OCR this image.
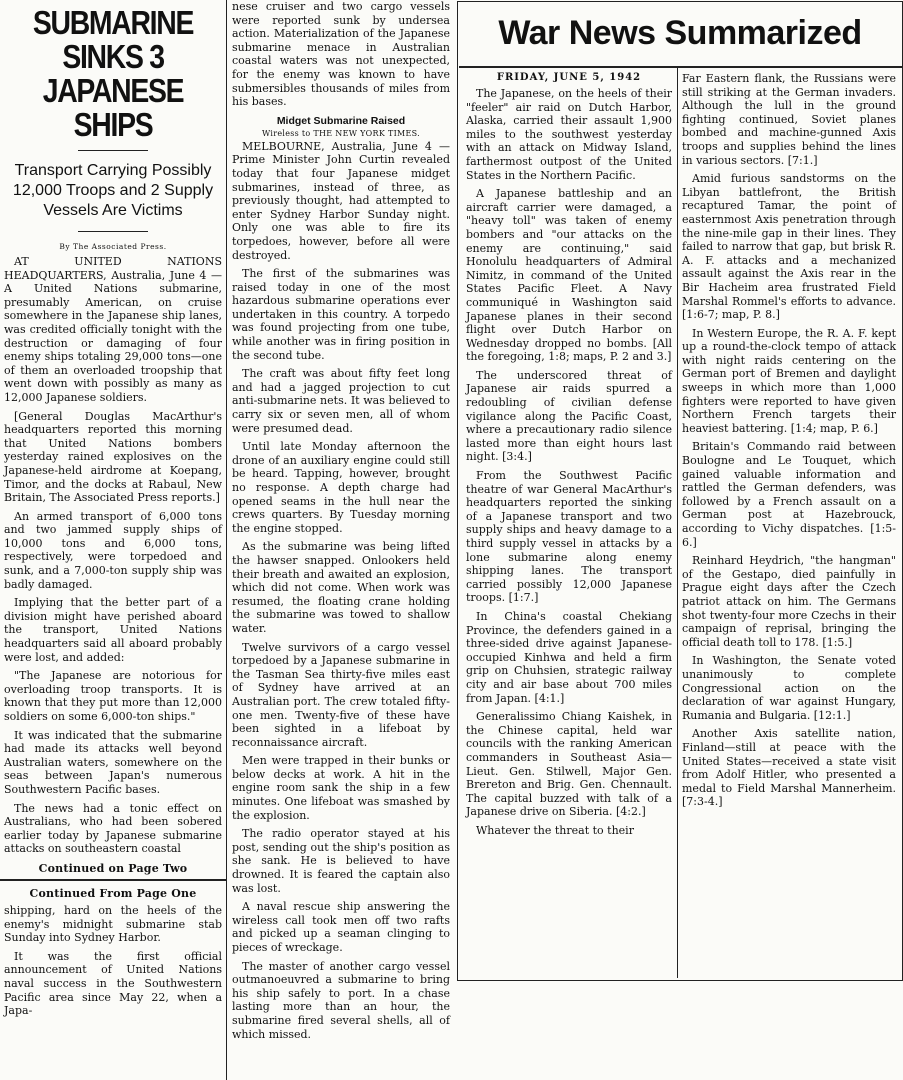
SUBMARINE SINKS 3 JAPANESE SHIPS
Transport Carrying Possibly 12,000 Troops and 2 Supply Vessels Are Victims
By The Associated Press.

AT UNITED NATIONS HEADQUARTERS, Australia, June 4 —A United Nations submarine, presumably American, on cruise somewhere in the Japanese ship lanes, was credited officially tonight with the destruction or damaging of four enemy ships totaling 29,000 tons—one of them an overloaded troopship that went down with possibly as many as 12,000 Japanese soldiers.

[General Douglas MacArthur's headquarters reported this morning that United Nations bombers yesterday rained explosives on the Japanese-held airdrome at Koepang, Timor, and the docks at Rabaul, New Britain, The Associated Press reports.]

An armed transport of 6,000 tons and two jammed supply ships of 10,000 tons and 6,000 tons, respectively, were torpedoed and sunk, and a 7,000-ton supply ship was badly damaged.

Implying that the better part of a division might have perished aboard the transport, United Nations headquarters said all aboard probably were lost, and added:

"The Japanese are notorious for overloading troop transports. It is known that they put more than 12,000 soldiers on some 6,000-ton ships."

It was indicated that the submarine had made its attacks well beyond Australian waters, somewhere on the seas between Japan's numerous Southwestern Pacific bases.

The news had a tonic effect on Australians, who had been sobered earlier today by Japanese submarine attacks on southeastern coastal

Continued on Page Two
Continued From Page One

shipping, hard on the heels of the enemy's midnight submarine stab Sunday into Sydney Harbor.

It was the first official announcement of United Nations naval success in the Southwestern Pacific area since May 22, when a Japa-

nese cruiser and two cargo vessels were reported sunk by undersea action. Materialization of the Japanese submarine menace in Australian coastal waters was not unexpected, for the enemy was known to have submersibles thousands of miles from his bases.

Midget Submarine Raised
Wireless to THE NEW YORK TIMES.

MELBOURNE, Australia, June 4 —Prime Minister John Curtin revealed today that four Japanese midget submarines, instead of three, as previously thought, had attempted to enter Sydney Harbor Sunday night. Only one was able to fire its torpedoes, however, before all were destroyed.

The first of the submarines was raised today in one of the most hazardous submarine operations ever undertaken in this country. A torpedo was found projecting from one tube, while another was in firing position in the second tube.

The craft was about fifty feet long and had a jagged projection to cut anti-submarine nets. It was believed to carry six or seven men, all of whom were presumed dead.

Until late Monday afternoon the drone of an auxiliary engine could still be heard. Tapping, however, brought no response. A depth charge had opened seams in the hull near the crews quarters. By Tuesday morning the engine stopped.

As the submarine was being lifted the hawser snapped. Onlookers held their breath and awaited an explosion, which did not come. When work was resumed, the floating crane holding the submarine was towed to shallow water.

Twelve survivors of a cargo vessel torpedoed by a Japanese submarine in the Tasman Sea thirty-five miles east of Sydney have arrived at an Australian port. The crew totaled fifty-one men. Twenty-five of these have been sighted in a lifeboat by reconnaissance aircraft.

Men were trapped in their bunks or below decks at work. A hit in the engine room sank the ship in a few minutes. One lifeboat was smashed by the explosion.

The radio operator stayed at his post, sending out the ship's position as she sank. He is believed to have drowned. It is feared the captain also was lost.

A naval rescue ship answering the wireless call took men off two rafts and picked up a seaman clinging to pieces of wreckage.

The master of another cargo vessel outmanoeuvred a submarine to bring his ship safely to port. In a chase lasting more than an hour, the submarine fired several shells, all of which missed.

War News Summarized
FRIDAY, JUNE 5, 1942

The Japanese, on the heels of their "feeler" air raid on Dutch Harbor, Alaska, carried their assault 1,900 miles to the southwest yesterday with an attack on Midway Island, farthermost outpost of the United States in the Northern Pacific.

A Japanese battleship and an aircraft carrier were damaged, a "heavy toll" was taken of enemy bombers and "our attacks on the enemy are continuing," said Honolulu headquarters of Admiral Nimitz, in command of the United States Pacific Fleet. A Navy communiqué in Washington said Japanese planes in their second flight over Dutch Harbor on Wednesday dropped no bombs. [All the foregoing, 1:8; maps, P. 2 and 3.]

The underscored threat of Japanese air raids spurred a redoubling of civilian defense vigilance along the Pacific Coast, where a precautionary radio silence lasted more than eight hours last night. [3:4.]

From the Southwest Pacific theatre of war General MacArthur's headquarters reported the sinking of a Japanese transport and two supply ships and heavy damage to a third supply vessel in attacks by a lone submarine along enemy shipping lanes. The transport carried possibly 12,000 Japanese troops. [1:7.]

In China's coastal Chekiang Province, the defenders gained in a three-sided drive against Japanese-occupied Kinhwa and held a firm grip on Chuhsien, strategic railway city and air base about 700 miles from Japan. [4:1.]

Generalissimo Chiang Kaishek, in the Chinese capital, held war councils with the ranking American commanders in Southeast Asia—Lieut. Gen. Stilwell, Major Gen. Brereton and Brig. Gen. Chennault. The capital buzzed with talk of a Japanese drive on Siberia. [4:2.]

Whatever the threat to their

Far Eastern flank, the Russians were still striking at the German invaders. Although the lull in the ground fighting continued, Soviet planes bombed and machine-gunned Axis troops and supplies behind the lines in various sectors. [7:1.]

Amid furious sandstorms on the Libyan battlefront, the British recaptured Tamar, the point of easternmost Axis penetration through the nine-mile gap in their lines. They failed to narrow that gap, but brisk R. A. F. attacks and a mechanized assault against the Axis rear in the Bir Hacheim area frustrated Field Marshal Rommel's efforts to advance. [1:6-7; map, P. 8.]

In Western Europe, the R. A. F. kept up a round-the-clock tempo of attack with night raids centering on the German port of Bremen and daylight sweeps in which more than 1,000 fighters were reported to have given Northern French targets their heaviest battering. [1:4; map, P. 6.]

Britain's Commando raid between Boulogne and Le Touquet, which gained valuable information and rattled the German defenders, was followed by a French assault on a German post at Hazebrouck, according to Vichy dispatches. [1:5-6.]

Reinhard Heydrich, "the hangman" of the Gestapo, died painfully in Prague eight days after the Czech patriot attack on him. The Germans shot twenty-four more Czechs in their campaign of reprisal, bringing the official death toll to 178. [1:5.]

In Washington, the Senate voted unanimously to complete Congressional action on the declaration of war against Hungary, Rumania and Bulgaria. [12:1.]

Another Axis satellite nation, Finland—still at peace with the United States—received a state visit from Adolf Hitler, who presented a medal to Field Marshal Mannerheim. [7:3-4.]
